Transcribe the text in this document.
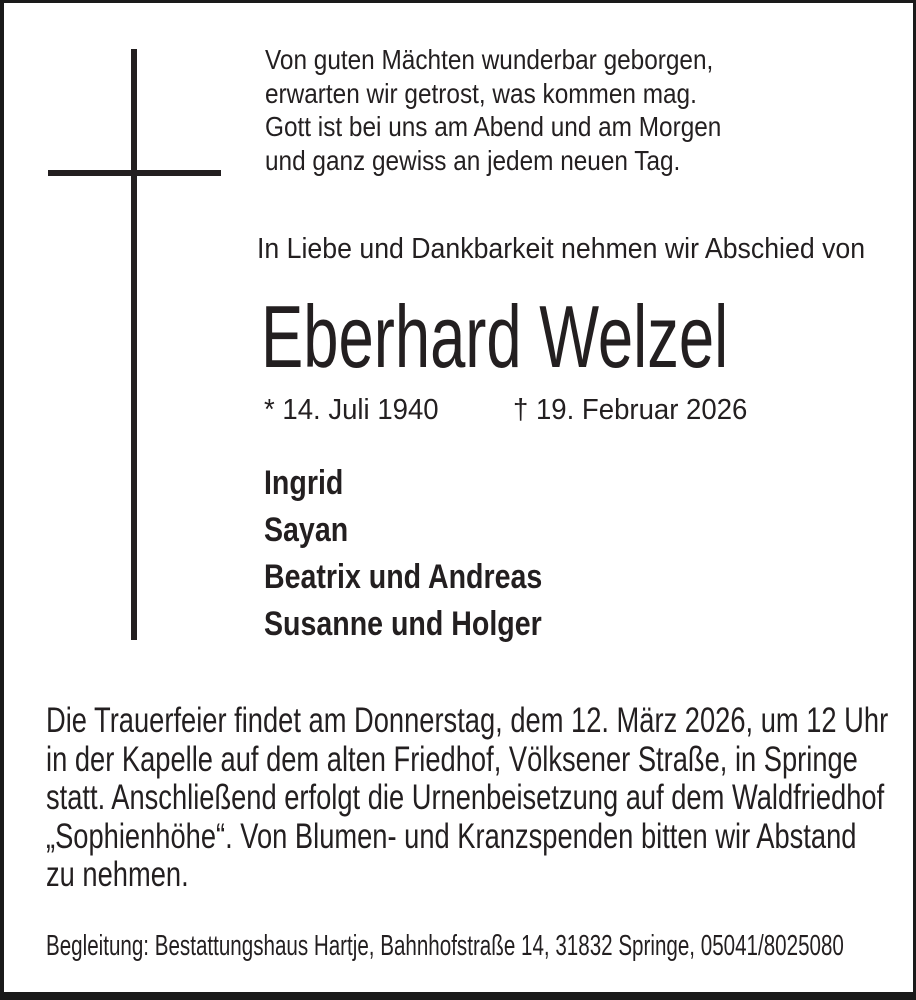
Von guten Mächten wunderbar geborgen,
erwarten wir getrost, was kommen mag.
Gott ist bei uns am Abend und am Morgen
und ganz gewiss an jedem neuen Tag.
In Liebe und Dankbarkeit nehmen wir Abschied von
Eberhard Welzel
* 14. Juli 1940	† 19. Februar 2026
Ingrid
Sayan
Beatrix und Andreas
Susanne und Holger
Die Trauerfeier findet am Donnerstag, dem 12. März 2026, um 12 Uhr
in der Kapelle auf dem alten Friedhof, Völksener Straße, in Springe
statt. Anschließend erfolgt die Urnenbeisetzung auf dem Waldfriedhof
„Sophienhöhe“. Von Blumen- und Kranzspenden bitten wir Abstand
zu nehmen.
Begleitung: Bestattungshaus Hartje, Bahnhofstraße 14, 31832 Springe, 05041/8025080
